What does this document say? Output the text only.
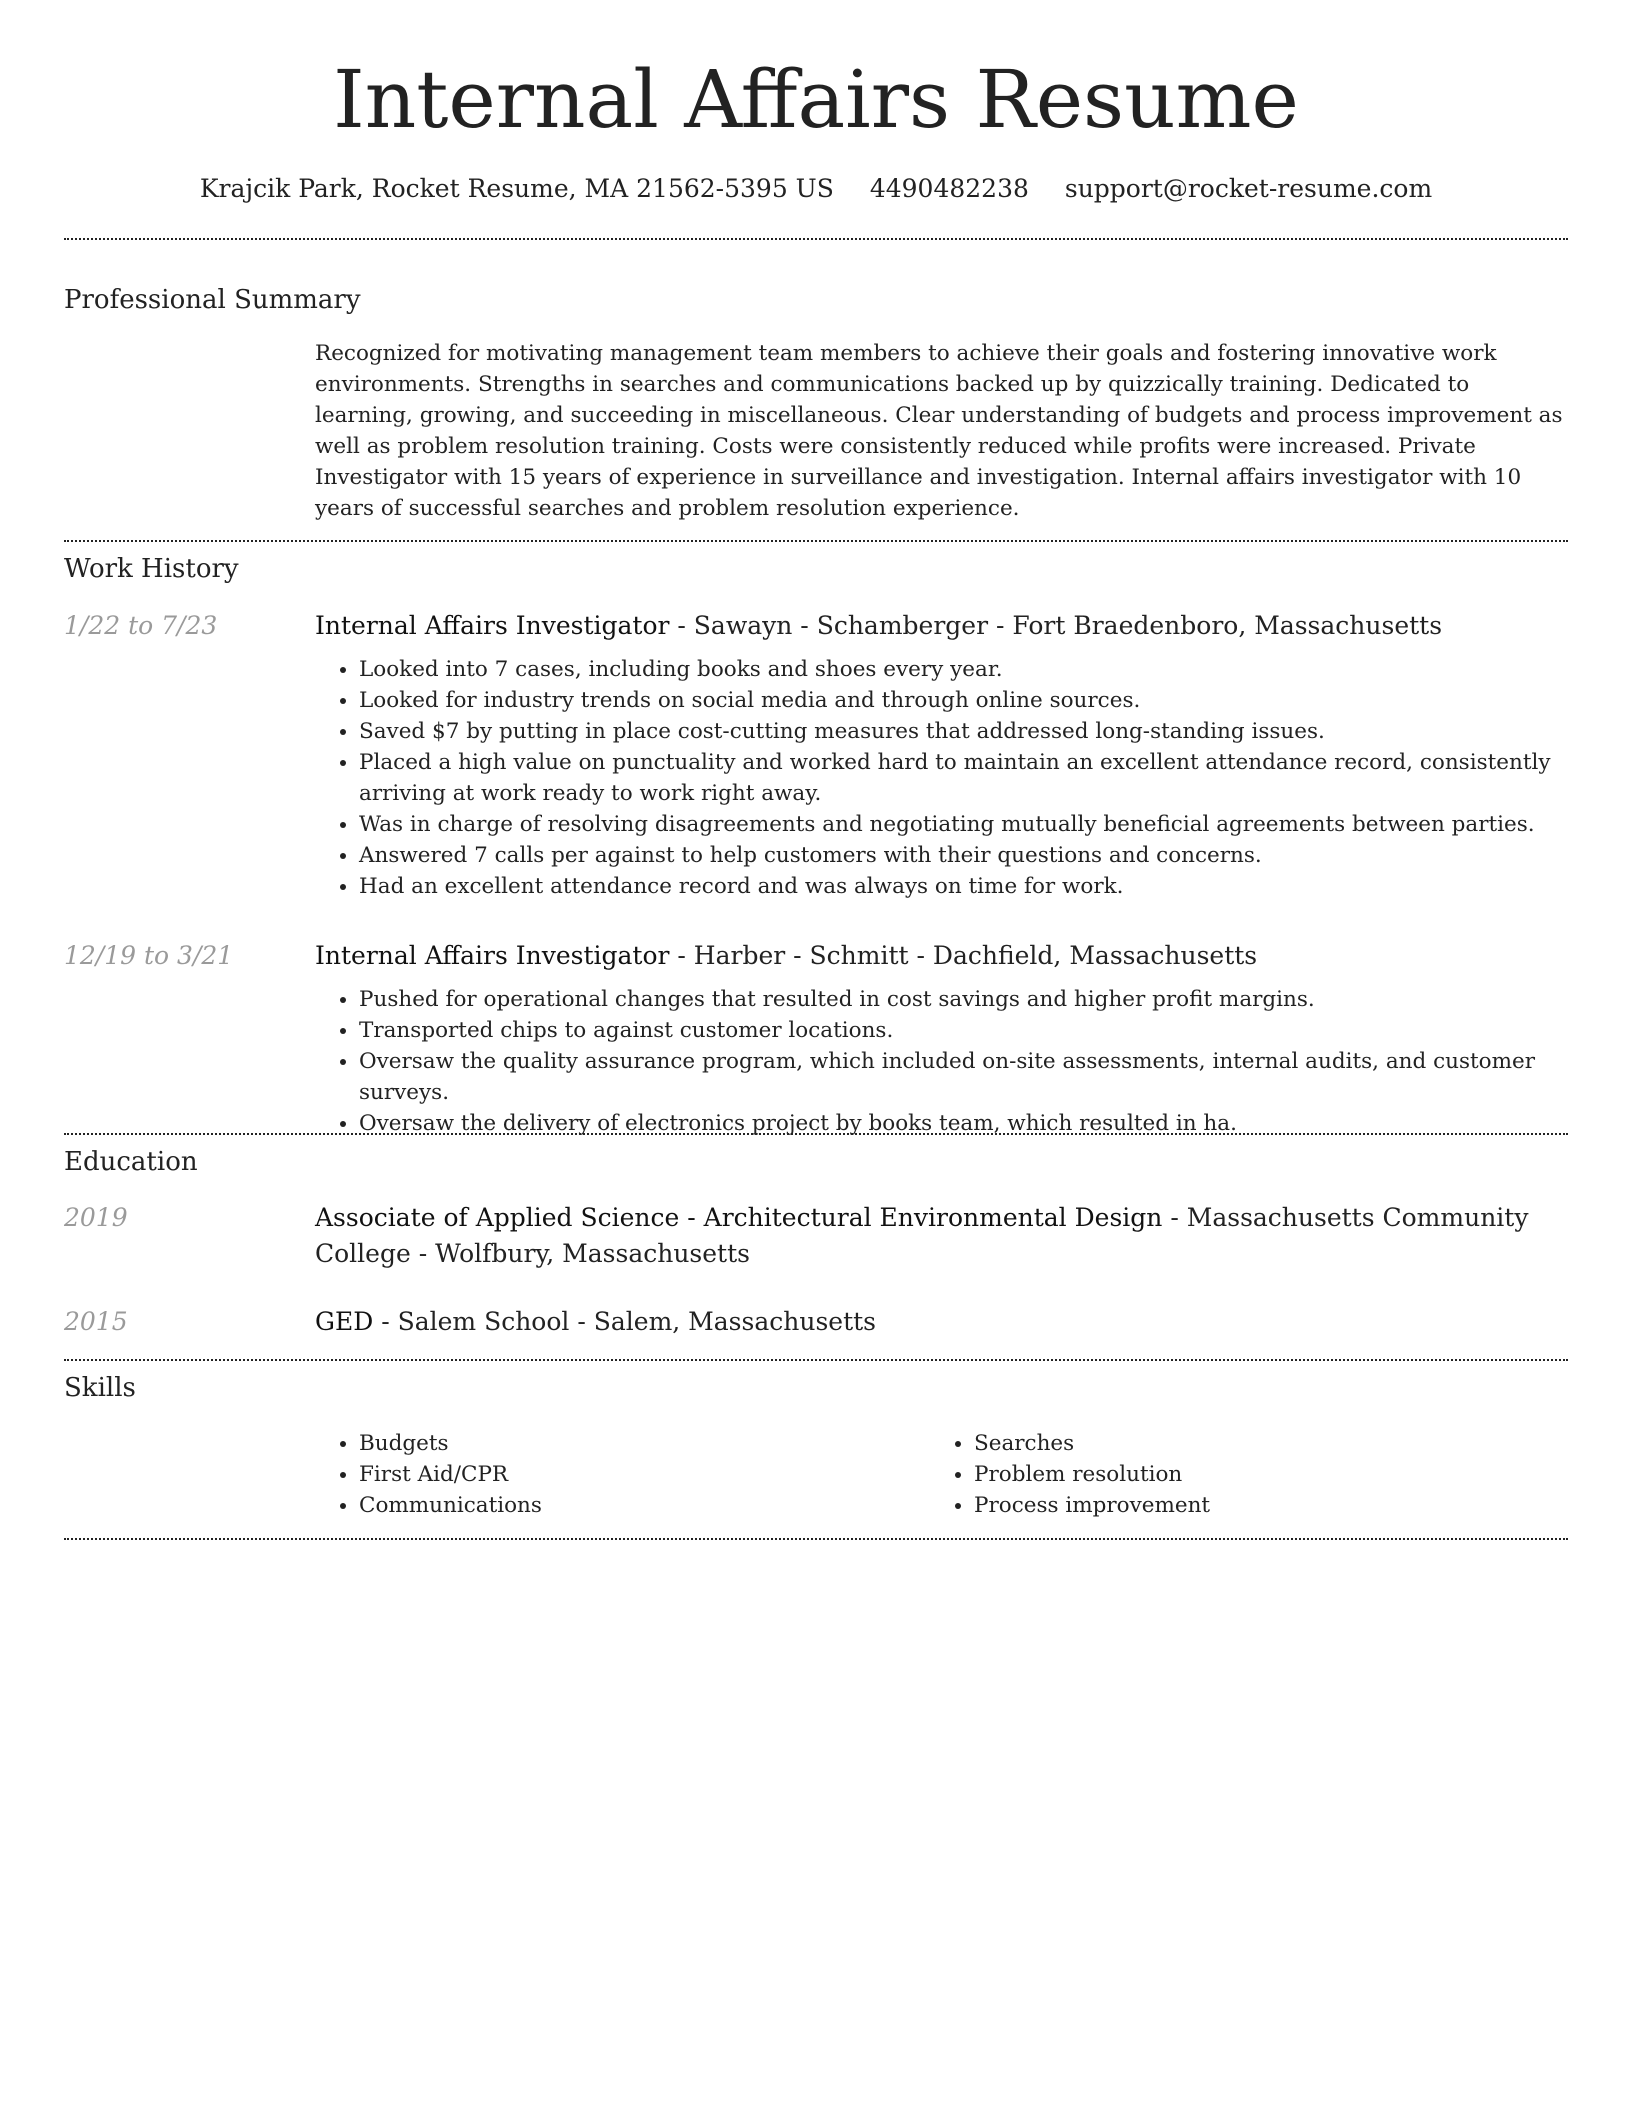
Internal Affairs Resume
Krajcik Park, Rocket Resume, MA 21562-5395 US 4490482238 support@rocket-resume.com
Professional Summary
Recognized for motivating management team members to achieve their goals and fostering innovative work environments. Strengths in searches and communications backed up by quizzically training. Dedicated to learning, growing, and succeeding in miscellaneous. Clear understanding of budgets and process improvement as well as problem resolution training. Costs were consistently reduced while profits were increased. Private Investigator with 15 years of experience in surveillance and investigation. Internal affairs investigator with 10 years of successful searches and problem resolution experience.
Work History
1/22 to 7/23	Internal Affairs Investigator - Sawayn - Schamberger - Fort Braedenboro, Massachusetts
• Looked into 7 cases, including books and shoes every year.
• Looked for industry trends on social media and through online sources.
• Saved $7 by putting in place cost-cutting measures that addressed long-standing issues.
• Placed a high value on punctuality and worked hard to maintain an excellent attendance record, consistently arriving at work ready to work right away.
• Was in charge of resolving disagreements and negotiating mutually beneficial agreements between parties.
• Answered 7 calls per against to help customers with their questions and concerns.
• Had an excellent attendance record and was always on time for work.
12/19 to 3/21	Internal Affairs Investigator - Harber - Schmitt - Dachfield, Massachusetts
• Pushed for operational changes that resulted in cost savings and higher profit margins.
• Transported chips to against customer locations.
• Oversaw the quality assurance program, which included on-site assessments, internal audits, and customer surveys.
• Oversaw the delivery of electronics project by books team, which resulted in ha.
Education
2019	Associate of Applied Science - Architectural Environmental Design - Massachusetts Community College - Wolfbury, Massachusetts
2015	GED - Salem School - Salem, Massachusetts
Skills
• Budgets
• First Aid/CPR
• Communications
• Searches
• Problem resolution
• Process improvement
